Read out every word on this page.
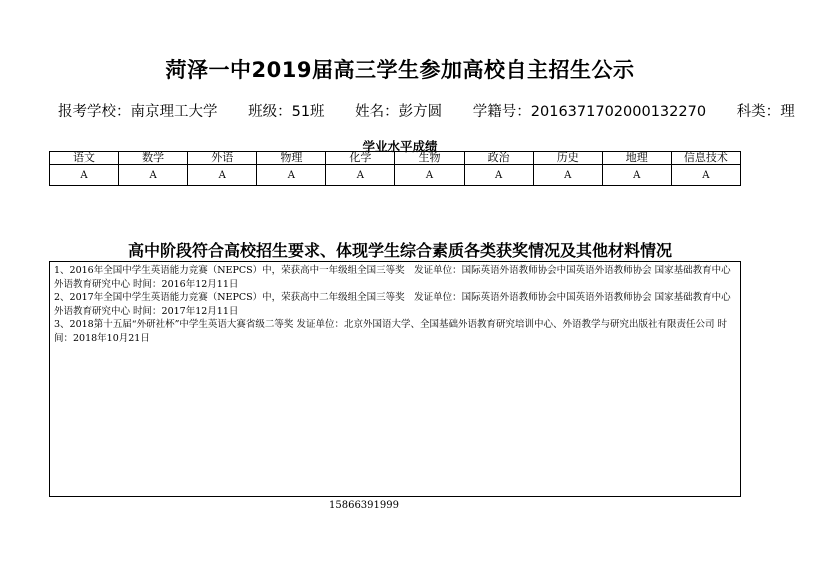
菏泽一中2019届高三学生参加高校自主招生公示
报考学校：南京理工大学 班级：51班 姓名：彭方圆 学籍号：2016371702000132270 科类：理
学业水平成绩
语文	数学	外语	物理	化学	生物	政治	历史	地理	信息技术
A	A	A	A	A	A	A	A	A	A
高中阶段符合高校招生要求、体现学生综合素质各类获奖情况及其他材料情况

1、2016年全国中学生英语能力竞赛（NEPCS）中，荣获高中一年级组全国三等奖　发证单位：国际英语外语教师协会中国英语外语教师协会 国家基础教育中心外语教育研究中心 时间：2016年12月11日

2、2017年全国中学生英语能力竞赛（NEPCS）中，荣获高中二年级组全国三等奖　发证单位：国际英语外语教师协会中国英语外语教师协会 国家基础教育中心外语教育研究中心 时间：2017年12月11日

3、2018第十五届“外研社杯”中学生英语大赛省级二等奖 发证单位：北京外国语大学、全国基础外语教育研究培训中心、外语教学与研究出版社有限责任公司 时间：2018年10月21日

15866391999
